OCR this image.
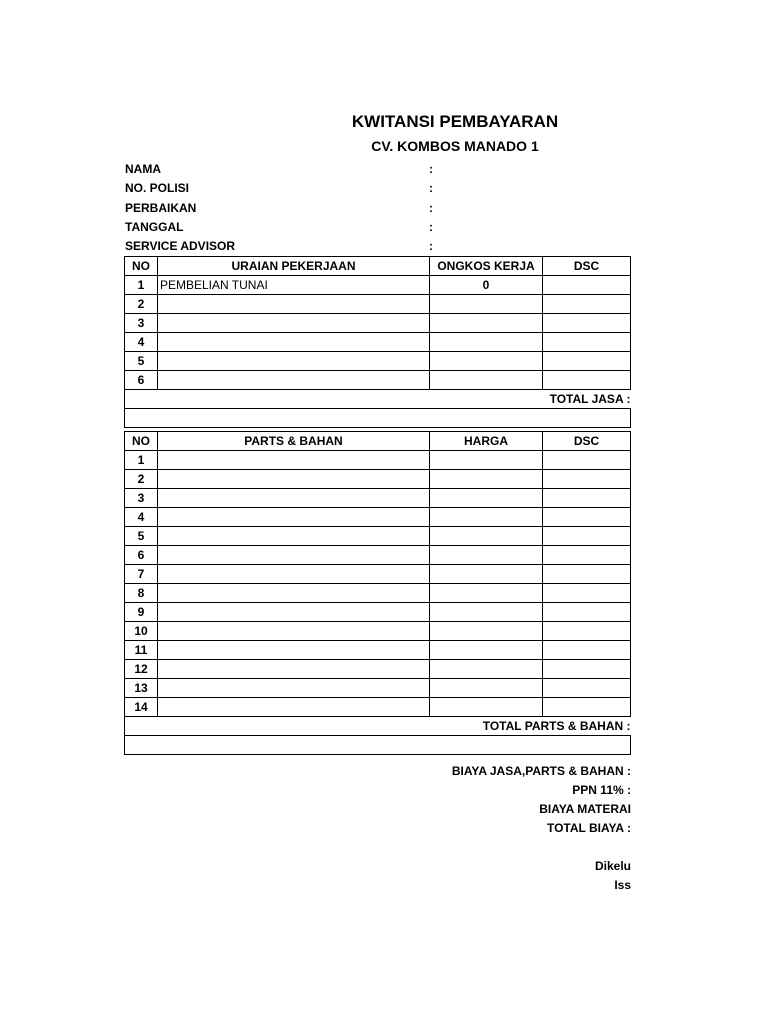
KWITANSI PEMBAYARAN
CV. KOMBOS MANADO 1
NAMA	:
NO. POLISI	:
PERBAIKAN	:
TANGGAL	:
SERVICE ADVISOR	:
NO	URAIAN PEKERJAAN	ONGKOS KERJA	DSC
1	PEMBELIAN TUNAI	0	
2			
3			
4			
5			
6			
TOTAL JASA :			

NO	PARTS & BAHAN	HARGA	DSC
1			
2			
3			
4			
5			
6			
7			
8			
9			
10			
11			
12			
13			
14			
TOTAL PARTS & BAHAN :			

BIAYA JASA,PARTS & BAHAN :
PPN 11% :
BIAYA MATERAI
TOTAL BIAYA :
Dikelu
Iss
